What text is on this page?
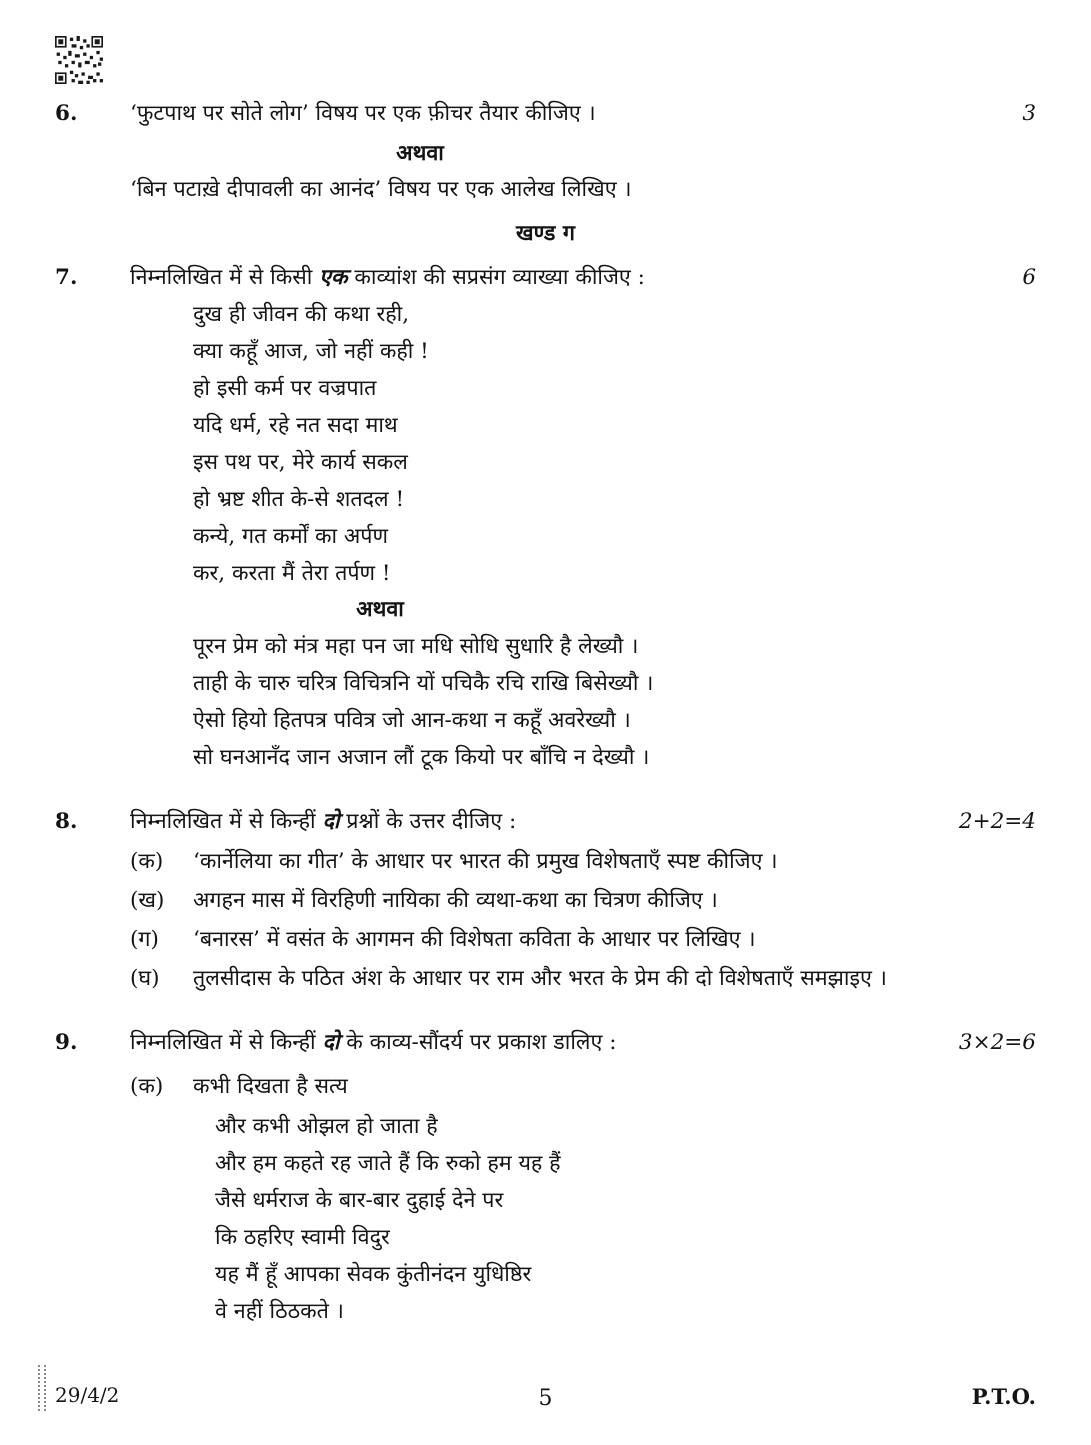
6.	‘फुटपाथ पर सोते लोग’ विषय पर एक फ़ीचर तैयार कीजिए ।	3
अथवा
‘बिन पटाख़े दीपावली का आनंद’ विषय पर एक आलेख लिखिए ।
खण्ड ग
7.	निम्नलिखित में से किसी एक काव्यांश की सप्रसंग व्याख्या कीजिए :	6
दुख ही जीवन की कथा रही,
क्या कहूँ आज, जो नहीं कही !
हो इसी कर्म पर वज्रपात
यदि धर्म, रहे नत सदा माथ
इस पथ पर, मेरे कार्य सकल
हो भ्रष्ट शीत के-से शतदल !
कन्ये, गत कर्मों का अर्पण
कर, करता मैं तेरा तर्पण !
अथवा
पूरन प्रेम को मंत्र महा पन जा मधि सोधि सुधारि है लेख्यौ ।
ताही के चारु चरित्र विचित्रनि यों पचिकै रचि राखि बिसेख्यौ ।
ऐसो हियो हितपत्र पवित्र जो आन-कथा न कहूँ अवरेख्यौ ।
सो घनआनँद जान अजान लौं टूक कियो पर बाँचि न देख्यौ ।
8.	निम्नलिखित में से किन्हीं दो प्रश्नों के उत्तर दीजिए :	2+2=4
(क)	‘कार्नेलिया का गीत’ के आधार पर भारत की प्रमुख विशेषताएँ स्पष्ट कीजिए ।
(ख)	अगहन मास में विरहिणी नायिका की व्यथा-कथा का चित्रण कीजिए ।
(ग)	‘बनारस’ में वसंत के आगमन की विशेषता कविता के आधार पर लिखिए ।
(घ)	तुलसीदास के पठित अंश के आधार पर राम और भरत के प्रेम की दो विशेषताएँ समझाइए ।
9.	निम्नलिखित में से किन्हीं दो के काव्य-सौंदर्य पर प्रकाश डालिए :	3×2=6
(क)	कभी दिखता है सत्य
और कभी ओझल हो जाता है
और हम कहते रह जाते हैं कि रुको हम यह हैं
जैसे धर्मराज के बार-बार दुहाई देने पर
कि ठहरिए स्वामी विदुर
यह मैं हूँ आपका सेवक कुंतीनंदन युधिष्ठिर
वे नहीं ठिठकते ।
29/4/2	5	P.T.O.
